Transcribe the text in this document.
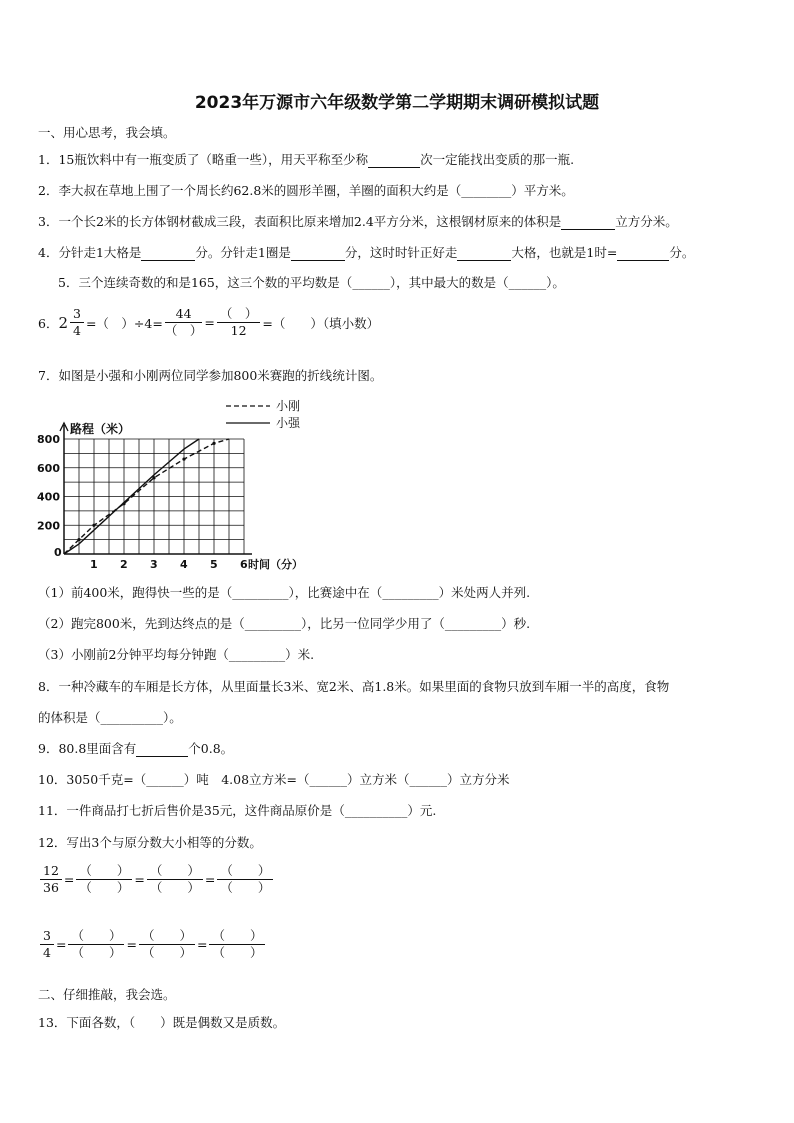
2023年万源市六年级数学第二学期期末调研模拟试题
一、用心思考，我会填。
1．15瓶饮料中有一瓶变质了（略重一些），用天平称至少称	次一定能找出变质的那一瓶.
2．李大叔在草地上围了一个周长约62.8米的圆形羊圈，羊圈的面积大约是（________）平方米。
3．一个长2米的长方体钢材截成三段，表面积比原来增加2.4平方分米，这根钢材原来的体积是	立方分米。
4．分针走1大格是	分。分针走1圈是	分，这时时针正好走	大格，也就是1时=	分。
5．三个连续奇数的和是165，这三个数的平均数是（______），其中最大的数是（______）。
6． $2 \frac{3}{4}$ =（　）$\div 4= \frac{44}{( )} = \frac{( )}{12}$ =（　　）（填小数）
7．如图是小强和小刚两位同学参加800米赛跑的折线统计图。
路程（米）
0
1 2 3 4 5 6 时间（分）
200
400
600
800
小刚
小强
（1）前400米，跑得快一些的是（_________），比赛途中在（_________）米处两人并列.
（2）跑完800米，先到达终点的是（_________），比另一位同学少用了（_________）秒.
（3）小刚前2分钟平均每分钟跑（_________）米.
8．一种冷藏车的车厢是长方体，从里面量长3米、宽2米、高1.8米。如果里面的食物只放到车厢一半的高度，食物
的体积是（__________）。
9．80.8里面含有	个0.8。
10．3050千克=（______）吨　4.08立方米=（______）立方米（______）立方分米
11．一件商品打七折后售价是35元，这件商品原价是（__________）元.
12．写出3个与原分数大小相等的分数。
$\frac{12}{36} = \frac{( )}{( )} = \frac{( )}{( )} = \frac{( )}{( )}$
$\frac{3}{4} = \frac{( )}{( )} = \frac{( )}{( )} = \frac{( )}{( )}$
二、仔细推敲，我会选。
13．下面各数，（　　）既是偶数又是质数。
